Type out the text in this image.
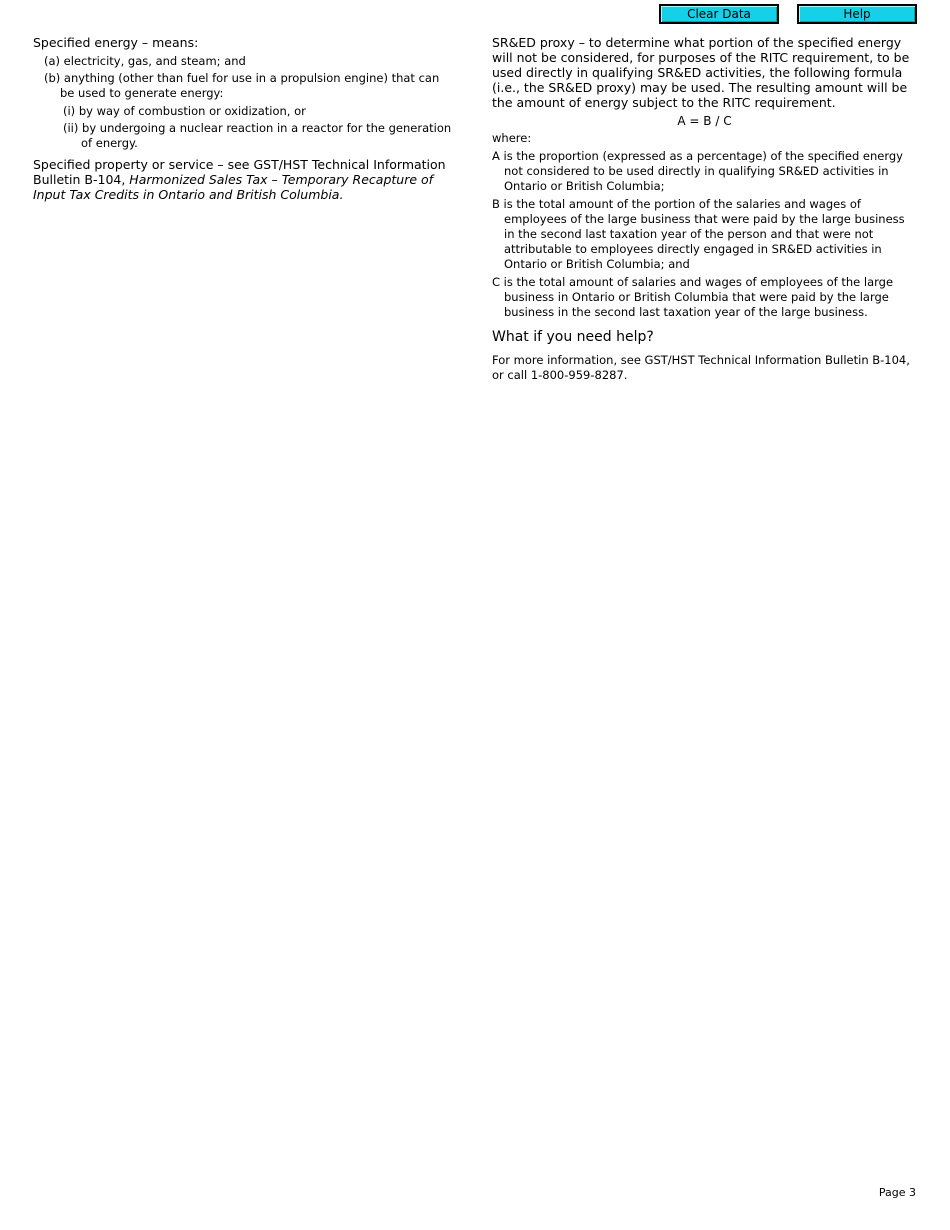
Clear Data	Help

Specified energy – means:

(a) electricity, gas, and steam; and

(b) anything (other than fuel for use in a propulsion engine) that can be used to generate energy:

(i) by way of combustion or oxidization, or

(ii) by undergoing a nuclear reaction in a reactor for the generation of energy.

Specified property or service – see GST/HST Technical Information Bulletin B-104, Harmonized Sales Tax – Temporary Recapture of Input Tax Credits in Ontario and British Columbia.

SR&ED proxy – to determine what portion of the specified energy will not be considered, for purposes of the RITC requirement, to be used directly in qualifying SR&ED activities, the following formula (i.e., the SR&ED proxy) may be used. The resulting amount will be the amount of energy subject to the RITC requirement.

A = B / C

where:

A is the proportion (expressed as a percentage) of the specified energy not considered to be used directly in qualifying SR&ED activities in Ontario or British Columbia;

B is the total amount of the portion of the salaries and wages of employees of the large business that were paid by the large business in the second last taxation year of the person and that were not attributable to employees directly engaged in SR&ED activities in Ontario or British Columbia; and

C is the total amount of salaries and wages of employees of the large business in Ontario or British Columbia that were paid by the large business in the second last taxation year of the large business.

What if you need help?

For more information, see GST/HST Technical Information Bulletin B-104, or call 1-800-959-8287.

Page 3
